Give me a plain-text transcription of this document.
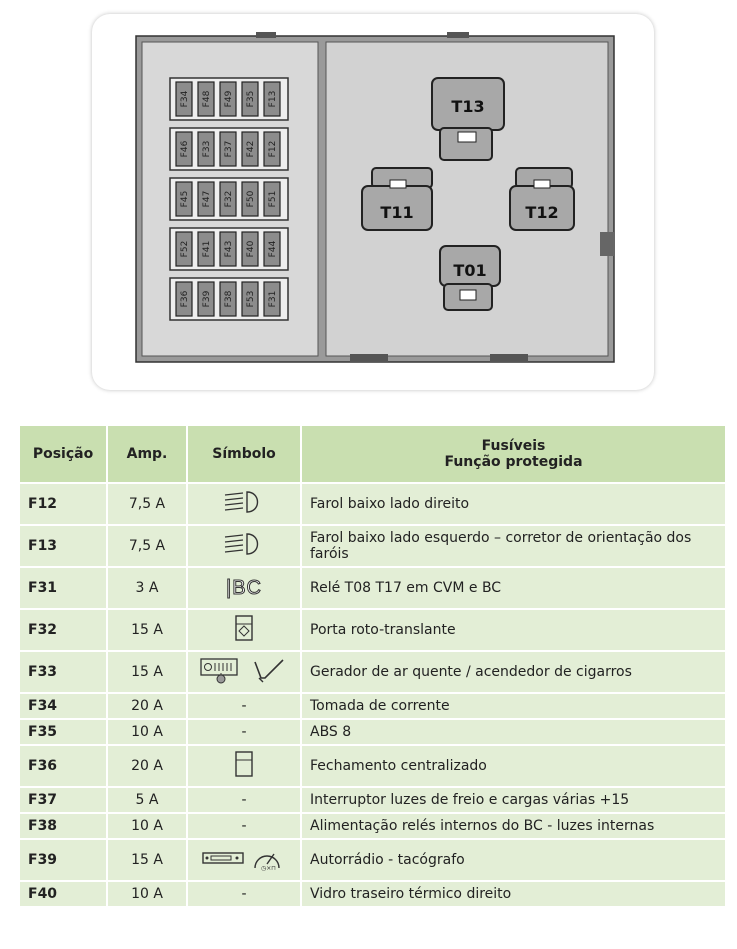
F34 F48 F49 F35 F13
F46 F33 F37 F42 F12
F45 F47 F32 F50 F51
F52 F41 F43 F40 F44
F36 F39 F38 F53 F31
T13
T11	T12
T01
Posição	Amp.	Símbolo	Fusíveis
Função protegida

F12	7,5 A		Farol baixo lado direito
F13	7,5 A		Farol baixo lado esquerdo – corretor de orientação dos faróis
F31	3 A	|BC	Relé T08 T17 em CVM e BC
F32	15 A		Porta roto-translante
F33	15 A		Gerador de ar quente / acendedor de cigarros
F34	20 A	-	Tomada de corrente
F35	10 A	-	ABS 8
F36	20 A		Fechamento centralizado
F37	5 A	-	Interruptor luzes de freio e cargas várias +15
F38	10 A	-	Alimentação relés internos do BC - luzes internas
F39	15 A	◷×⊓	Autorrádio - tacógrafo
F40	10 A	-	Vidro traseiro térmico direito
